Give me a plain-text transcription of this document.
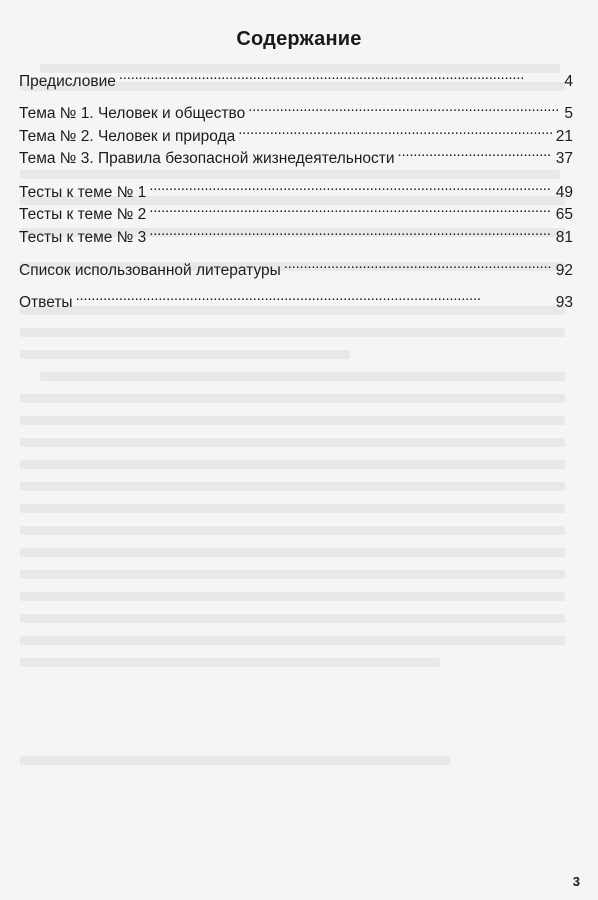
Содержание
Предисловие . . .	4
Тема № 1. Человек и общество . . .	5
Тема № 2. Человек и природа . . .	21
Тема № 3. Правила безопасной жизнедеятельности . . .	37
Тесты к теме № 1 . . .	49
Тесты к теме № 2 . . .	65
Тесты к теме № 3 . . .	81
Список использованной литературы . . .	92
Ответы . . .	93
3
